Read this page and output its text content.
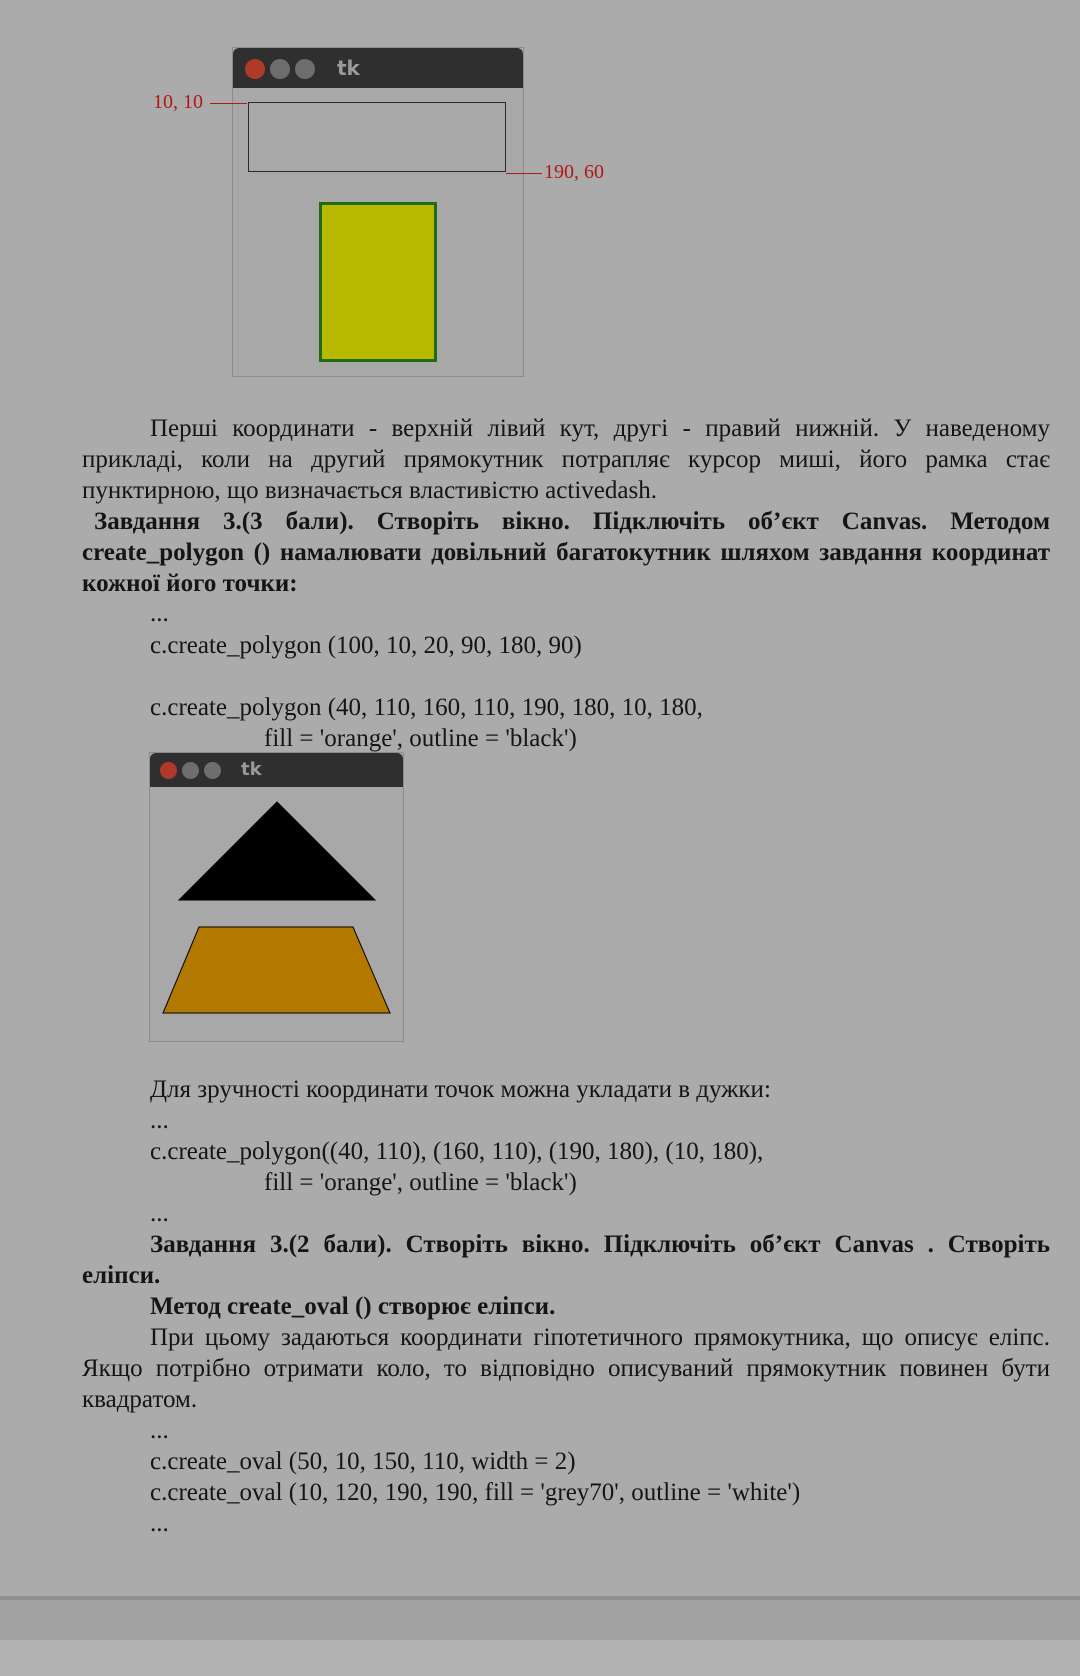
tk
10, 10
190, 60

Перші координати - верхній лівий кут, другі - правий нижній. У наведеному прикладі, коли на другий прямокутник потрапляє курсор миші, його рамка стає пунктирною, що визначається властивістю activedash.

Завдання 3.(3 бали). Створіть вікно. Підключіть об’єкт Canvas. Методом create_polygon () намалювати довільний багатокутник шляхом завдання координат кожної його точки:

...
c.create_polygon (100, 10, 20, 90, 180, 90)
c.create_polygon (40, 110, 160, 110, 190, 180, 10, 180,
fill = 'orange', outline = 'black')
tk

Для зручності координати точок можна укладати в дужки:

...
c.create_polygon((40, 110), (160, 110), (190, 180), (10, 180),
fill = 'orange', outline = 'black')
...

Завдання 3.(2 бали). Створіть вікно. Підключіть об’єкт Canvas . Створіть еліпси.

Метод create_oval () створює еліпси.

При цьому задаються координати гіпотетичного прямокутника, що описує еліпс. Якщо потрібно отримати коло, то відповідно описуваний прямокутник повинен бути квадратом.

...
c.create_oval (50, 10, 150, 110, width = 2)
c.create_oval (10, 120, 190, 190, fill = 'grey70', outline = 'white')
...
